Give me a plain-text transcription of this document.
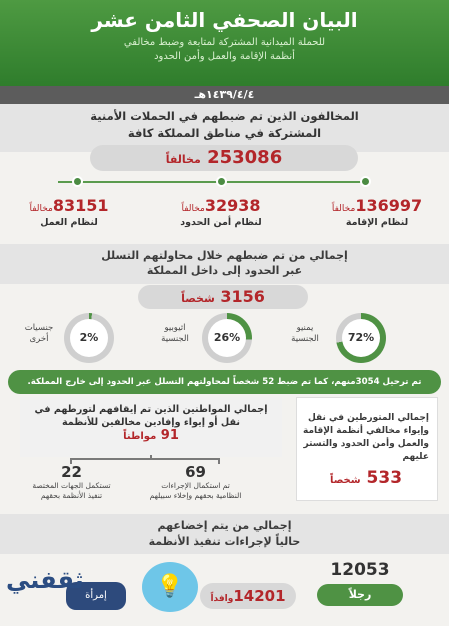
البيان الصحفي الثامن عشر
للحملة الميدانية المشتركة لمتابعة وضبط مخالفي
أنظمة الإقامة والعمل وأمن الحدود
١٤٣٩/٤/٤هـ
المخالفون الذين تم ضبطهم في الحملات الأمنية
المشتركة في مناطق المملكة كافة
253086 مخالفاً
136997مخالفاً
لنظام الإقامة
32938مخالفاً
لنظام أمن الحدود
83151مخالفاً
لنظام العمل
إجمالي من تم ضبطهم خلال محاولتهم التسلل
عبر الحدود إلى داخل المملكة
3156 شخصاً
72%
يمنيو
الجنسية
26%
اثيوبيو
الجنسية
2%
جنسيات
أخرى
تم ترحيل 3054منهم، كما تم ضبط 52 شخصاً لمحاولتهم التسلل عبر الحدود إلى خارج المملكة.
إجمالي المواطنين الذين تم إيقافهم لتورطهم في
نقل أو إيواء وإفادين مخالفين للأنظمة
91 مواطناً
69
تم استكمال الإجراءات
النظامية بحقهم وإخلاء سبيلهم
22
تستكمل الجهات المختصة
تنفيذ الأنظمة بحقهم
إجمالي المتورطين في نقل وإيواء مخالفي أنظمة الإقامة والعمل وأمن الحدود والتستر عليهم
533 شخصاً
إجمالي من يتم إخضاعهم
حالياً لإجراءات تنفيذ الأنظمة
12053
رجلاً
14201وافداً
💡
إمرأة
ثقفني
